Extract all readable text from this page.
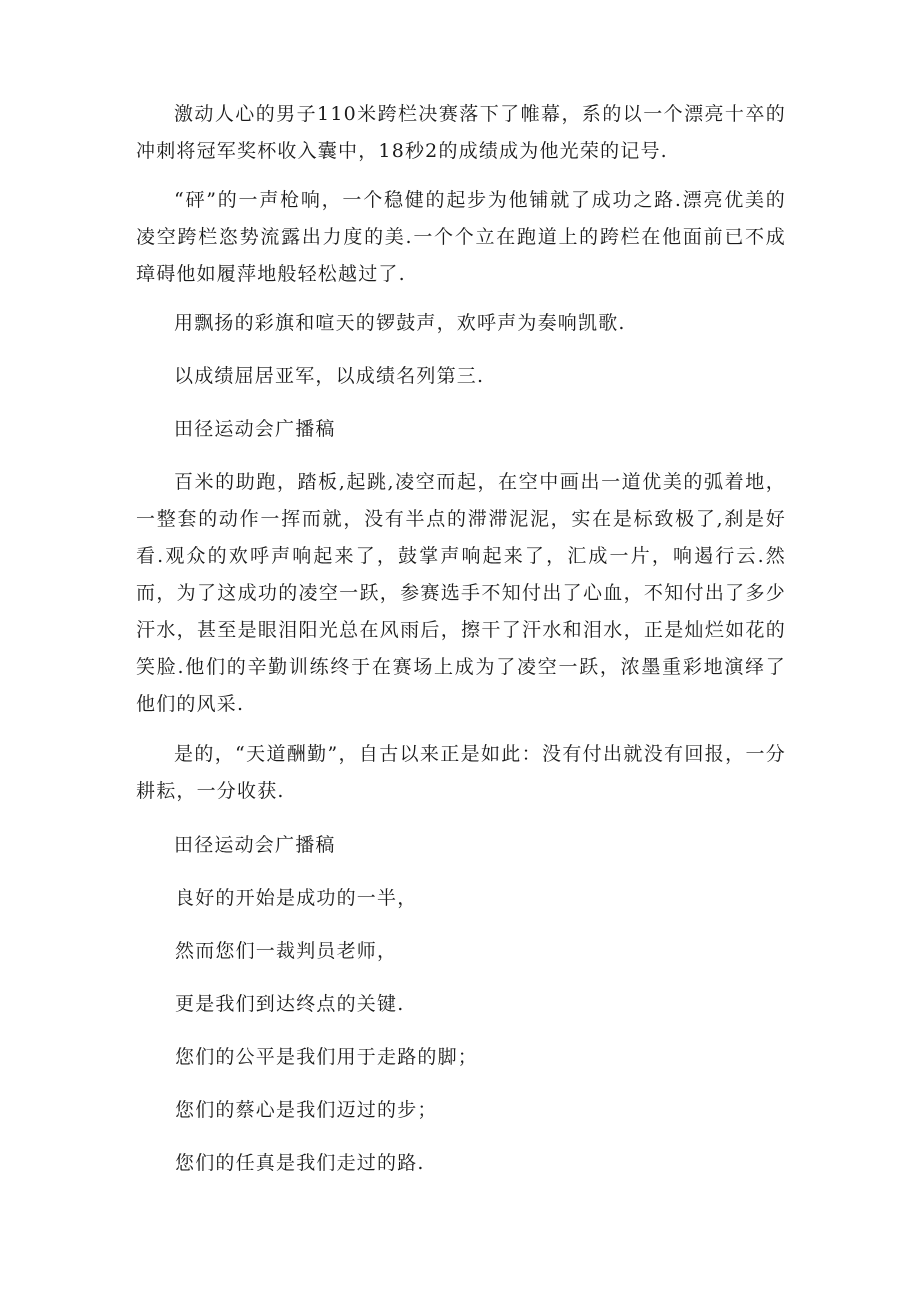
激动人心的男子110米跨栏决赛落下了帷幕，系的以一个漂亮十卒的冲刺将冠军奖杯收入囊中，18秒2的成绩成为他光荣的记号.

“砰”的一声枪响，一个稳健的起步为他铺就了成功之路.漂亮优美的凌空跨栏恣势流露出力度的美.一个个立在跑道上的跨栏在他面前已不成璋碍他如履萍地般轻松越过了.

用飘扬的彩旗和喧天的锣鼓声，欢呼声为奏响凯歌.

以成绩屈居亚军，以成绩名列第三.

田径运动会广播稿

百米的助跑，踏板,起跳,凌空而起，在空中画出一道优美的弧着地，一整套的动作一挥而就，没有半点的滞滞泥泥，实在是标致极了,刹是好看.观众的欢呼声响起来了，鼓掌声响起来了，汇成一片，响遏行云.然而，为了这成功的凌空一跃，参赛选手不知付出了心血，不知付出了多少汗水，甚至是眼泪阳光总在风雨后，擦干了汗水和泪水，正是灿烂如花的笑脸.他们的辛勤训练终于在赛场上成为了凌空一跃，浓墨重彩地演绎了他们的风采.

是的，“天道酬勤”，自古以来正是如此：没有付出就没有回报，一分耕耘，一分收获.

田径运动会广播稿

良好的开始是成功的一半，

然而您们一裁判员老师，

更是我们到达终点的关键.

您们的公平是我们用于走路的脚；

您们的蔡心是我们迈过的步；

您们的任真是我们走过的路.
